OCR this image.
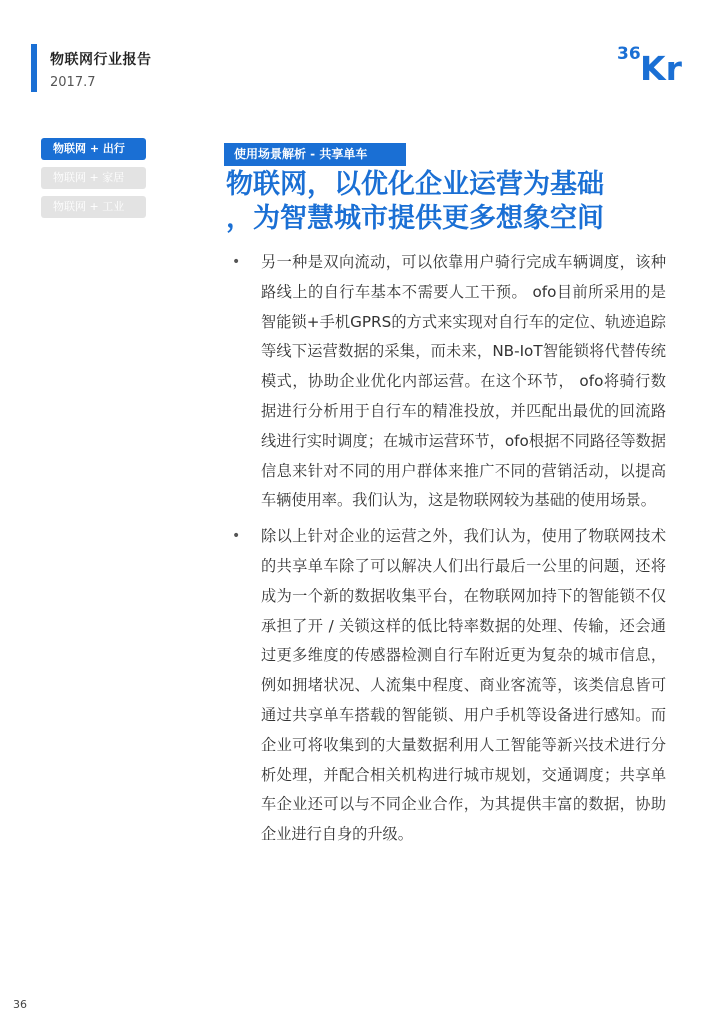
物联网行业报告
2017.7
36 Kr
物联网 + 出行
物联网 + 家居
物联网 + 工业
使用场景解析 - 共享单车
物联网，以优化企业运营为基础
，为智慧城市提供更多想象空间
• 另一种是双向流动，可以依靠用户骑行完成车辆调度，该种路线上的自行车基本不需要人工干预。 ofo目前所采用的是智能锁+手机GPRS的方式来实现对自行车的定位、轨迹追踪等线下运营数据的采集，而未来，NB-IoT智能锁将代替传统模式，协助企业优化内部运营。在这个环节， ofo将骑行数据进行分析用于自行车的精准投放，并匹配出最优的回流路线进行实时调度；在城市运营环节，ofo根据不同路径等数据信息来针对不同的用户群体来推广不同的营销活动，以提高车辆使用率。我们认为，这是物联网较为基础的使用场景。
• 除以上针对企业的运营之外，我们认为，使用了物联网技术的共享单车除了可以解决人们出行最后一公里的问题，还将成为一个新的数据收集平台，在物联网加持下的智能锁不仅承担了开 / 关锁这样的低比特率数据的处理、传输，还会通过更多维度的传感器检测自行车附近更为复杂的城市信息，例如拥堵状况、人流集中程度、商业客流等，该类信息皆可通过共享单车搭载的智能锁、用户手机等设备进行感知。而企业可将收集到的大量数据利用人工智能等新兴技术进行分析处理，并配合相关机构进行城市规划，交通调度；共享单车企业还可以与不同企业合作，为其提供丰富的数据，协助企业进行自身的升级。
36
